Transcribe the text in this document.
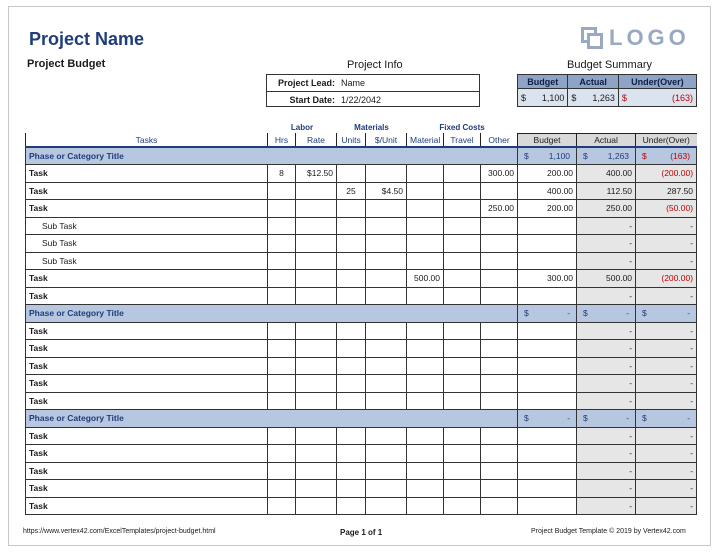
Project Name
Project Budget
LOGO
Project Info
Project Lead: Name
Start Date: 1/22/2042
Budget Summary
Budget	Actual	Under(Over)

$ 1,100	$ 1,263	$ (163)
	Labor		Materials		Fixed Costs					
Tasks	Hrs	Rate	Units	$/Unit	Material	Travel	Other	Budget	Actual	Under(Over)
Phase or Category Title								$ 1,100	$ 1,263	$ (163)

Task	8	$12.50					300.00	200.00	400.00	(200.00)
Task			25	$4.50				400.00	112.50	287.50
Task							250.00	200.00	250.00	(50.00)
Sub Task									-	-
Sub Task									-	-
Sub Task									-	-
Task					500.00			300.00	500.00	(200.00)
Task									-	-
Phase or Category Title								$ -	$ -	$ -

Task									-	-
Task									-	-
Task									-	-
Task									-	-
Task									-	-
Phase or Category Title								$ -	$ -	$ -

Task									-	-
Task									-	-
Task									-	-
Task									-	-
Task									-	-
https://www.vertex42.com/ExcelTemplates/project-budget.html	Page 1 of 1	Project Budget Template © 2019 by Vertex42.com
